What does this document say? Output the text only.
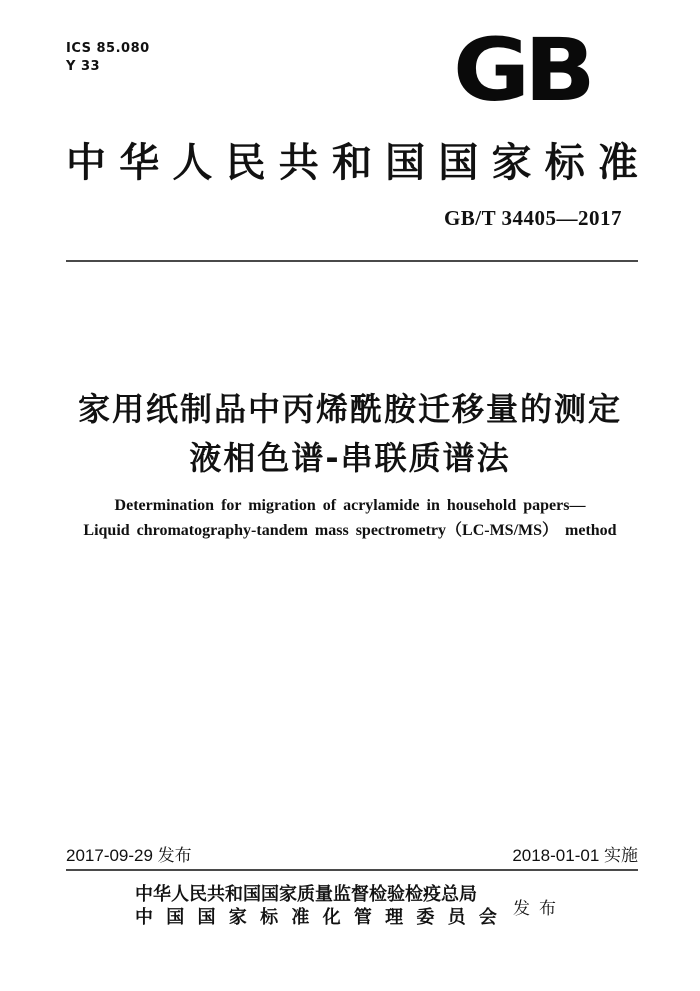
ICS 85.080
Y 33	GB
中 华 人 民 共 和 国 国 家 标 准
GB/T 34405—2017
家用纸制品中丙烯酰胺迁移量的测定
液相色谱-串联质谱法
Determination for migration of acrylamide in household papers—
Liquid chromatography-tandem mass spectrometry（LC-MS/MS） method
2017-09-29 发布	2018-01-01 实施
中华人民共和国国家质量监督检验检疫总局
中 国 国 家 标 准 化 管 理 委 员 会 发布
